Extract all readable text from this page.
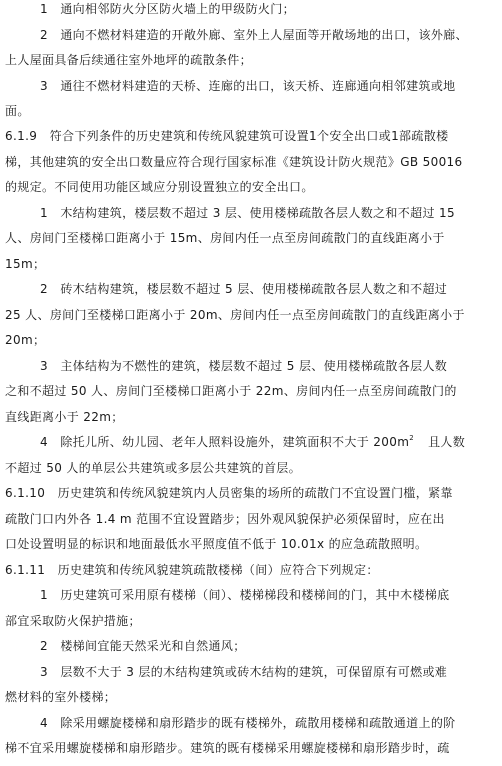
1　通向相邻防火分区防火墙上的甲级防火门；
2　通向不燃材料建造的开敞外廊、室外上人屋面等开敞场地的出口，该外廊、
上人屋面具备后续通往室外地坪的疏散条件；
3　通往不燃材料建造的天桥、连廊的出口，该天桥、连廊通向相邻建筑或地
面。
6.1.9　符合下列条件的历史建筑和传统风貌建筑可设置1个安全出口或1部疏散楼
梯，其他建筑的安全出口数量应符合现行国家标准《建筑设计防火规范》GB 50016
的规定。不同使用功能区域应分别设置独立的安全出口。
1　木结构建筑，楼层数不超过 3 层、使用楼梯疏散各层人数之和不超过 15
人、房间门至楼梯口距离小于 15m、房间内任一点至房间疏散门的直线距离小于
15m；
2　砖木结构建筑，楼层数不超过 5 层、使用楼梯疏散各层人数之和不超过
25 人、房间门至楼梯口距离小于 20m、房间内任一点至房间疏散门的直线距离小于
20m；
3　主体结构为不燃性的建筑，楼层数不超过 5 层、使用楼梯疏散各层人数
之和不超过 50 人、房间门至楼梯口距离小于 22m、房间内任一点至房间疏散门的
直线距离小于 22m；
4　除托儿所、幼儿园、老年人照料设施外，建筑面积不大于 $200m^2$ 且人数
不超过 50 人的单层公共建筑或多层公共建筑的首层。
6.1.10　历史建筑和传统风貌建筑内人员密集的场所的疏散门不宜设置门槛，紧靠
疏散门口内外各 1.4 m 范围不宜设置踏步；因外观风貌保护必须保留时，应在出
口处设置明显的标识和地面最低水平照度值不低于 10.01x 的应急疏散照明。
6.1.11　历史建筑和传统风貌建筑疏散楼梯（间）应符合下列规定：
1　历史建筑可采用原有楼梯（间）、楼梯梯段和楼梯间的门，其中木楼梯底
部宜采取防火保护措施；
2　楼梯间宜能天然采光和自然通风；
3　层数不大于 3 层的木结构建筑或砖木结构的建筑，可保留原有可燃或难
燃材料的室外楼梯；
4　除采用螺旋楼梯和扇形踏步的既有楼梯外，疏散用楼梯和疏散通道上的阶
梯不宜采用螺旋楼梯和扇形踏步。建筑的既有楼梯采用螺旋楼梯和扇形踏步时，疏
